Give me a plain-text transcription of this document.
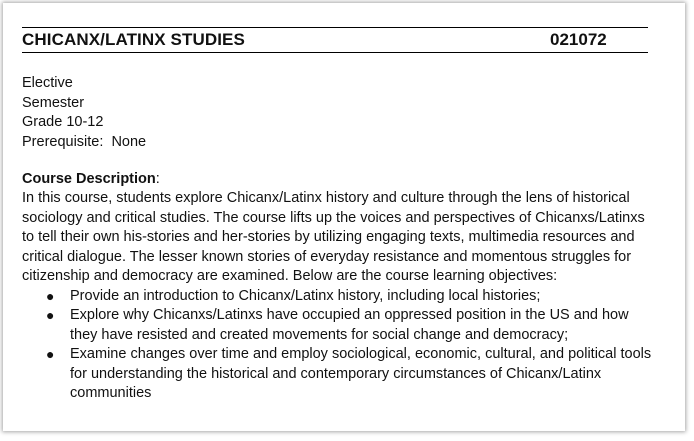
CHICANX/LATINX STUDIES	021072
Elective
Semester
Grade 10-12
Prerequisite:  None
Course Description:

In this course, students explore Chicanx/Latinx history and culture through the lens of historical sociology and critical studies. The course lifts up the voices and perspectives of Chicanxs/Latinxs to tell their own his-stories and her-stories by utilizing engaging texts, multimedia resources and critical dialogue. The lesser known stories of everyday resistance and momentous struggles for citizenship and democracy are examined. Below are the course learning objectives:

● Provide an introduction to Chicanx/Latinx history, including local histories;
● Explore why Chicanxs/Latinxs have occupied an oppressed position in the US and how they have resisted and created movements for social change and democracy;
● Examine changes over time and employ sociological, economic, cultural, and political tools for understanding the historical and contemporary circumstances of Chicanx/Latinx communities
